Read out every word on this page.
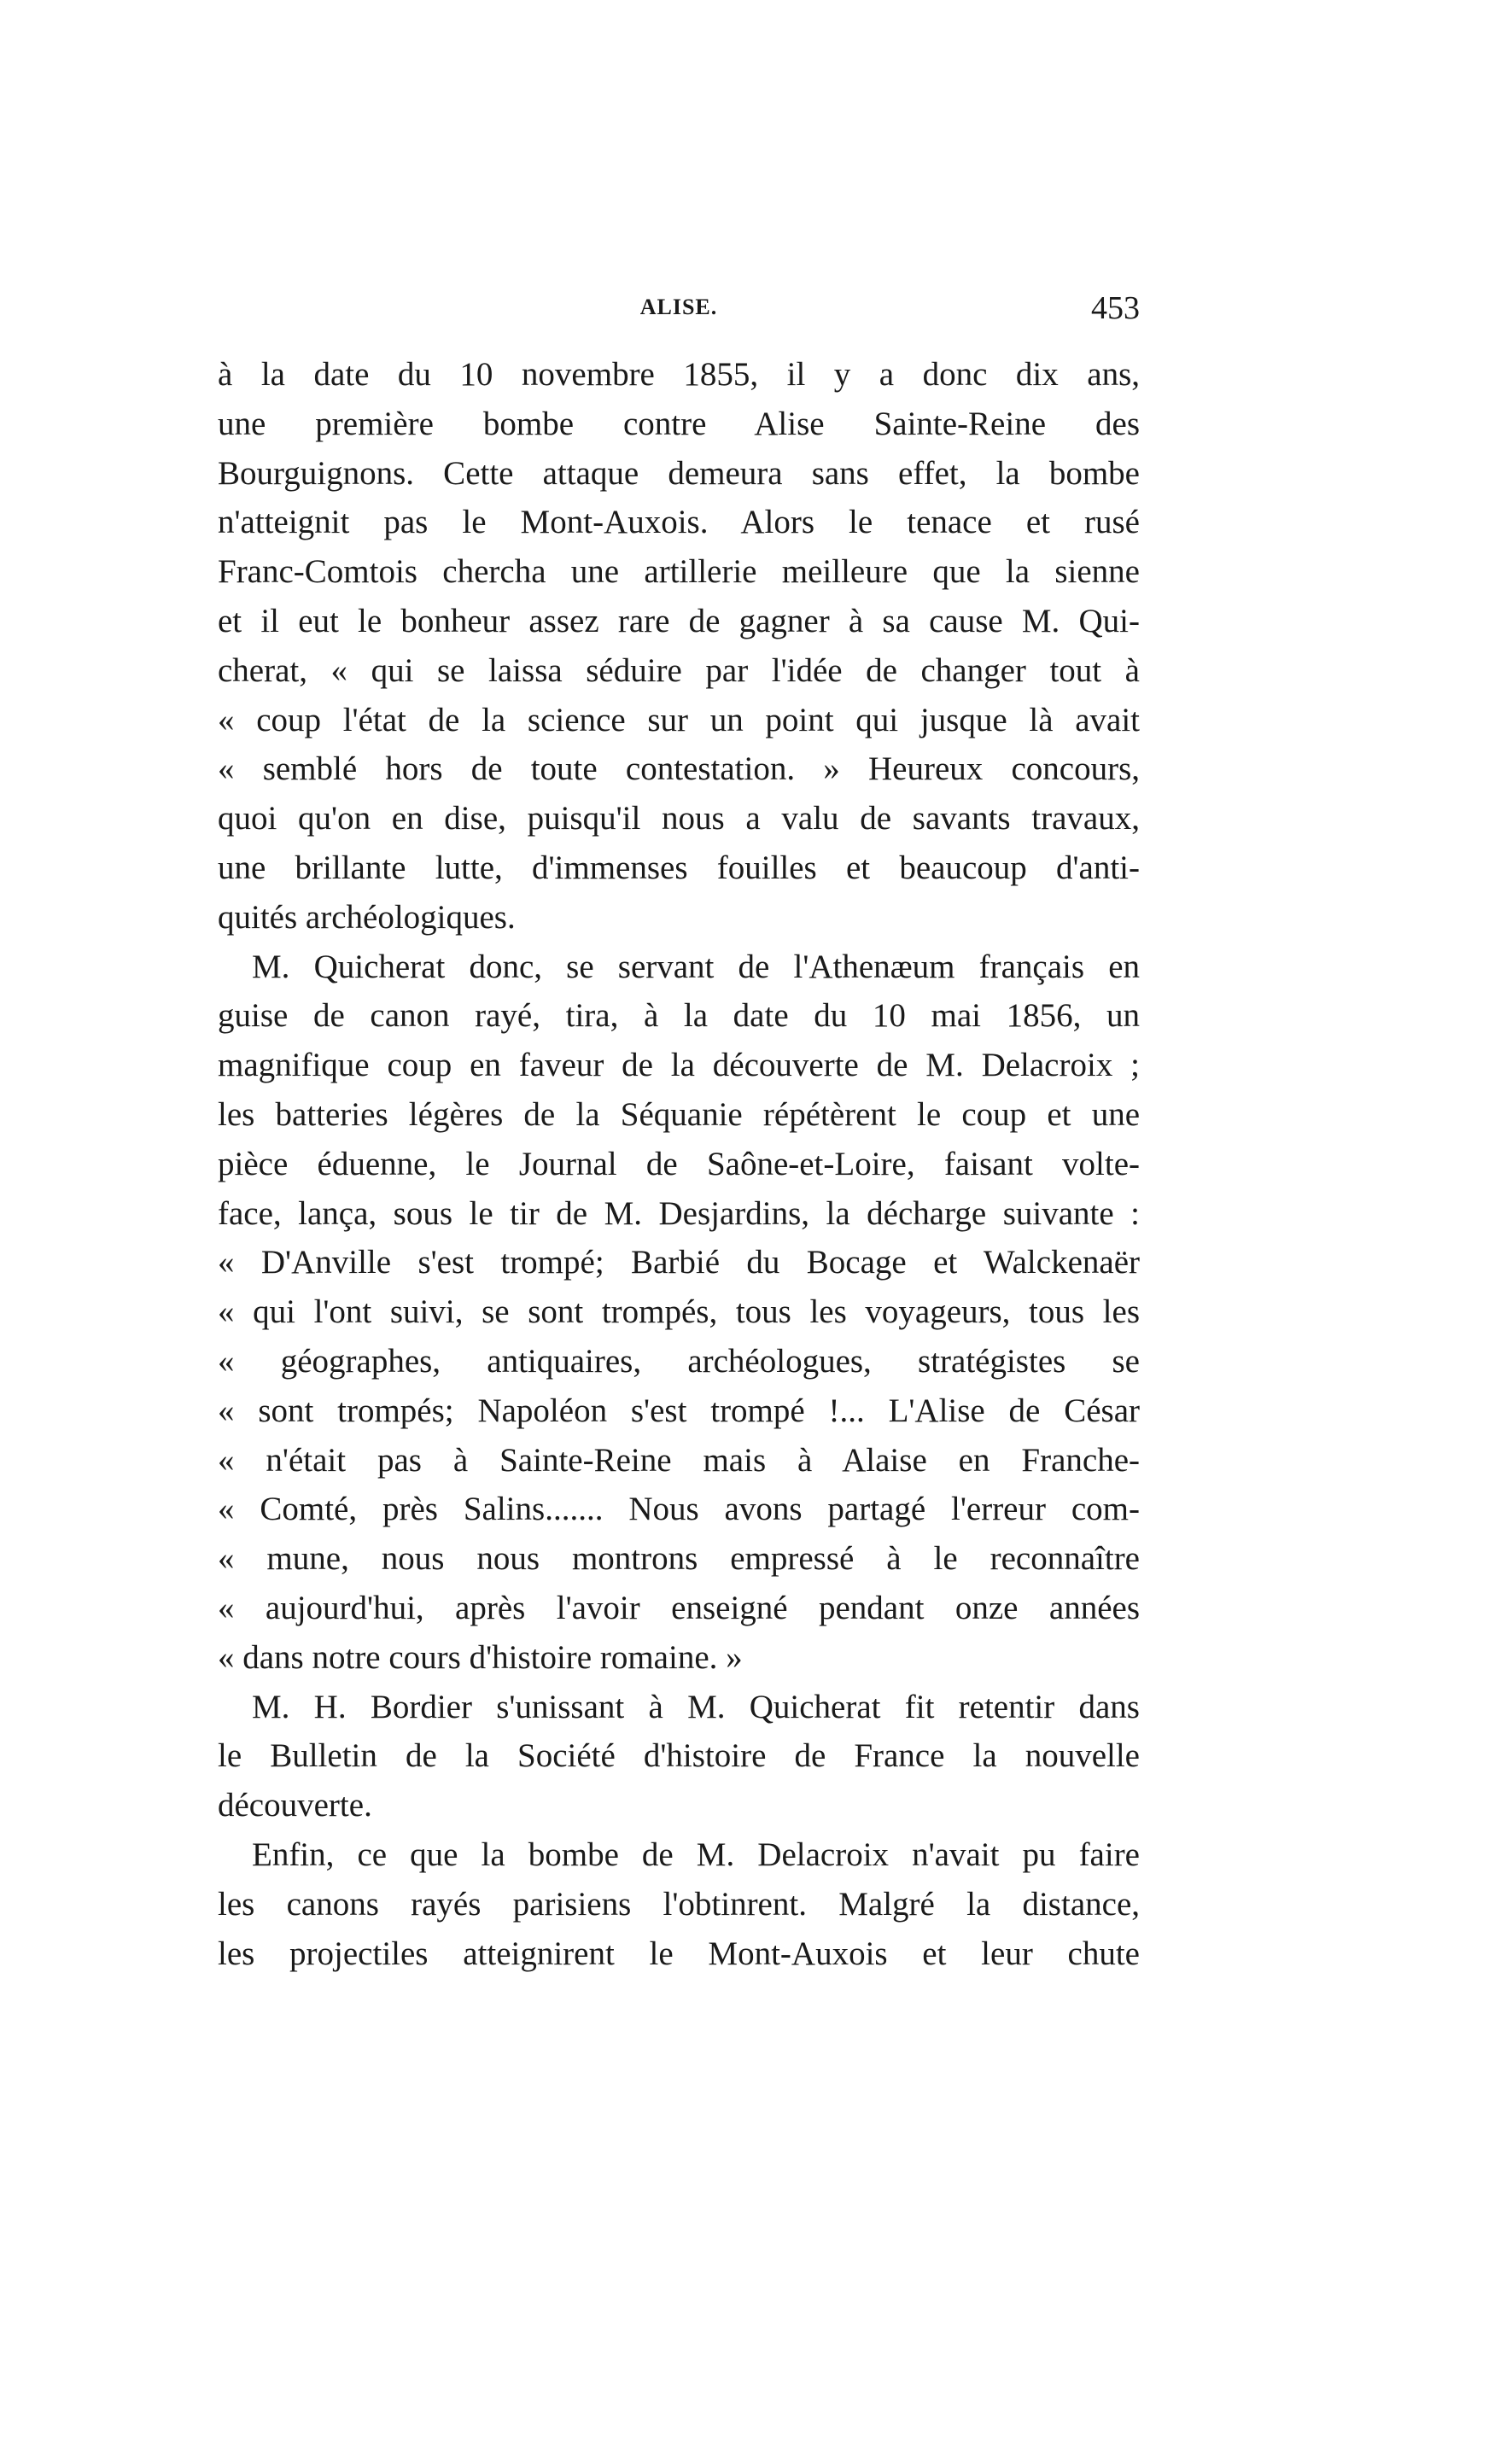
ALISE.	453
à la date du 10 novembre 1855, il y a donc dix ans,
une première bombe contre Alise Sainte-Reine des
Bourguignons. Cette attaque demeura sans effet, la bombe
n'atteignit pas le Mont-Auxois. Alors le tenace et rusé
Franc-Comtois chercha une artillerie meilleure que la sienne
et il eut le bonheur assez rare de gagner à sa cause M. Qui-
cherat, « qui se laissa séduire par l'idée de changer tout à
« coup l'état de la science sur un point qui jusque là avait
« semblé hors de toute contestation. » Heureux concours,
quoi qu'on en dise, puisqu'il nous a valu de savants travaux,
une brillante lutte, d'immenses fouilles et beaucoup d'anti-
quités archéologiques.
M. Quicherat donc, se servant de l'Athenæum français en
guise de canon rayé, tira, à la date du 10 mai 1856, un
magnifique coup en faveur de la découverte de M. Delacroix ;
les batteries légères de la Séquanie répétèrent le coup et une
pièce éduenne, le Journal de Saône-et-Loire, faisant volte-
face, lança, sous le tir de M. Desjardins, la décharge suivante :
« D'Anville s'est trompé; Barbié du Bocage et Walckenaër
« qui l'ont suivi, se sont trompés, tous les voyageurs, tous les
« géographes, antiquaires, archéologues, stratégistes se
« sont trompés; Napoléon s'est trompé !... L'Alise de César
« n'était pas à Sainte-Reine mais à Alaise en Franche-
« Comté, près Salins....... Nous avons partagé l'erreur com-
« mune, nous nous montrons empressé à le reconnaître
« aujourd'hui, après l'avoir enseigné pendant onze années
« dans notre cours d'histoire romaine. »
M. H. Bordier s'unissant à M. Quicherat fit retentir dans
le Bulletin de la Société d'histoire de France la nouvelle
découverte.
Enfin, ce que la bombe de M. Delacroix n'avait pu faire
les canons rayés parisiens l'obtinrent. Malgré la distance,
les projectiles atteignirent le Mont-Auxois et leur chute
